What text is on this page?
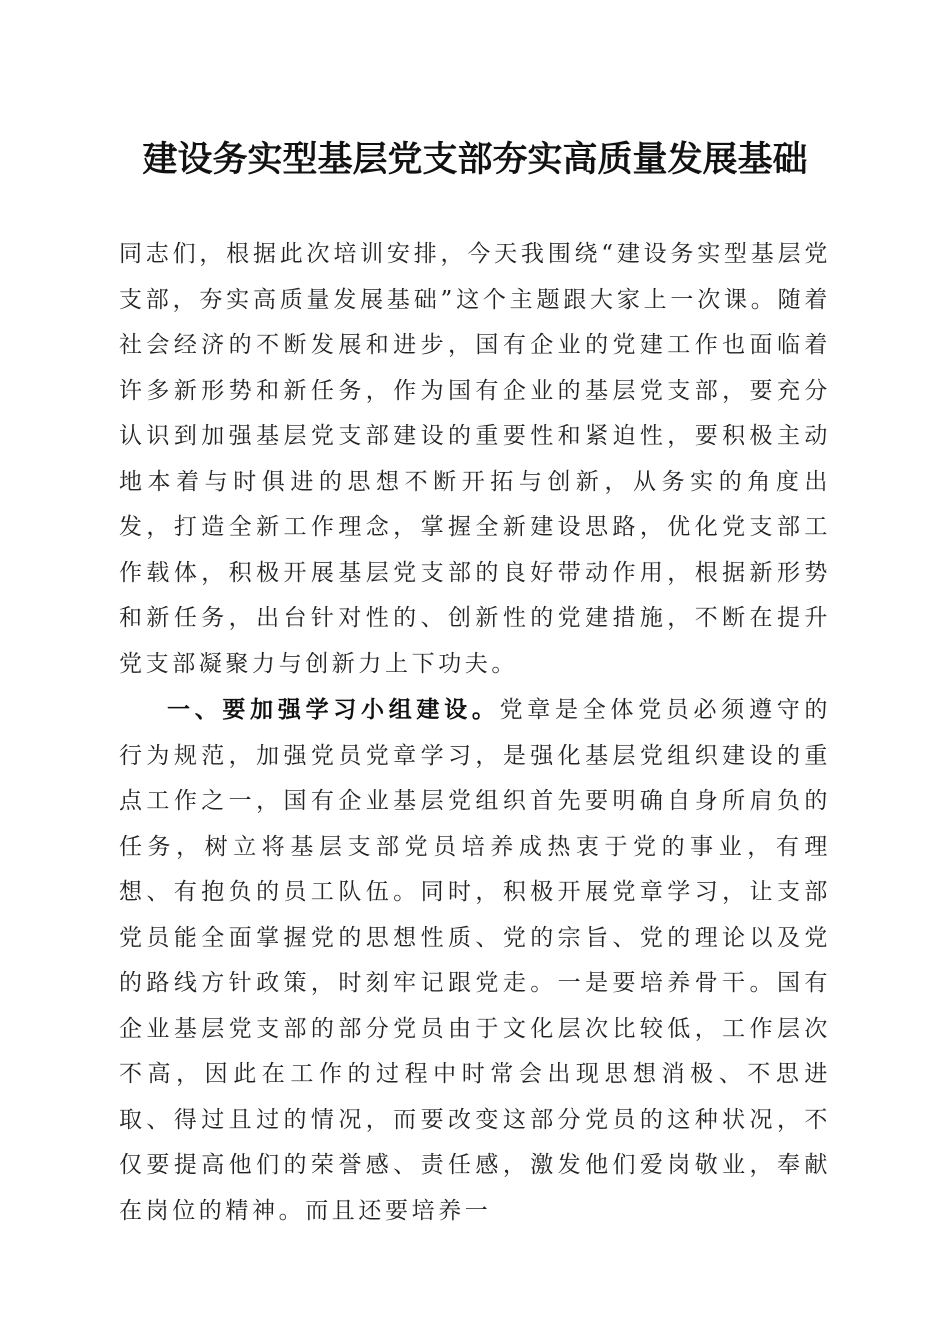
建设务实型基层党支部夯实高质量发展基础

同志们，根据此次培训安排，今天我围绕“建设务实型基层党支部，夯实高质量发展基础”这个主题跟大家上一次课。随着社会经济的不断发展和进步，国有企业的党建工作也面临着许多新形势和新任务，作为国有企业的基层党支部，要充分认识到加强基层党支部建设的重要性和紧迫性，要积极主动地本着与时俱进的思想不断开拓与创新，从务实的角度出发，打造全新工作理念，掌握全新建设思路，优化党支部工作载体，积极开展基层党支部的良好带动作用，根据新形势和新任务，出台针对性的、创新性的党建措施，不断在提升党支部凝聚力与创新力上下功夫。

一、要加强学习小组建设。党章是全体党员必须遵守的行为规范，加强党员党章学习，是强化基层党组织建设的重点工作之一，国有企业基层党组织首先要明确自身所肩负的任务，树立将基层支部党员培养成热衷于党的事业，有理想、有抱负的员工队伍。同时，积极开展党章学习，让支部党员能全面掌握党的思想性质、党的宗旨、党的理论以及党的路线方针政策，时刻牢记跟党走。一是要培养骨干。国有企业基层党支部的部分党员由于文化层次比较低，工作层次不高，因此在工作的过程中时常会出现思想消极、不思进取、得过且过的情况，而要改变这部分党员的这种状况，不仅要提高他们的荣誉感、责任感，激发他们爱岗敬业，奉献在岗位的精神。而且还要培养一
